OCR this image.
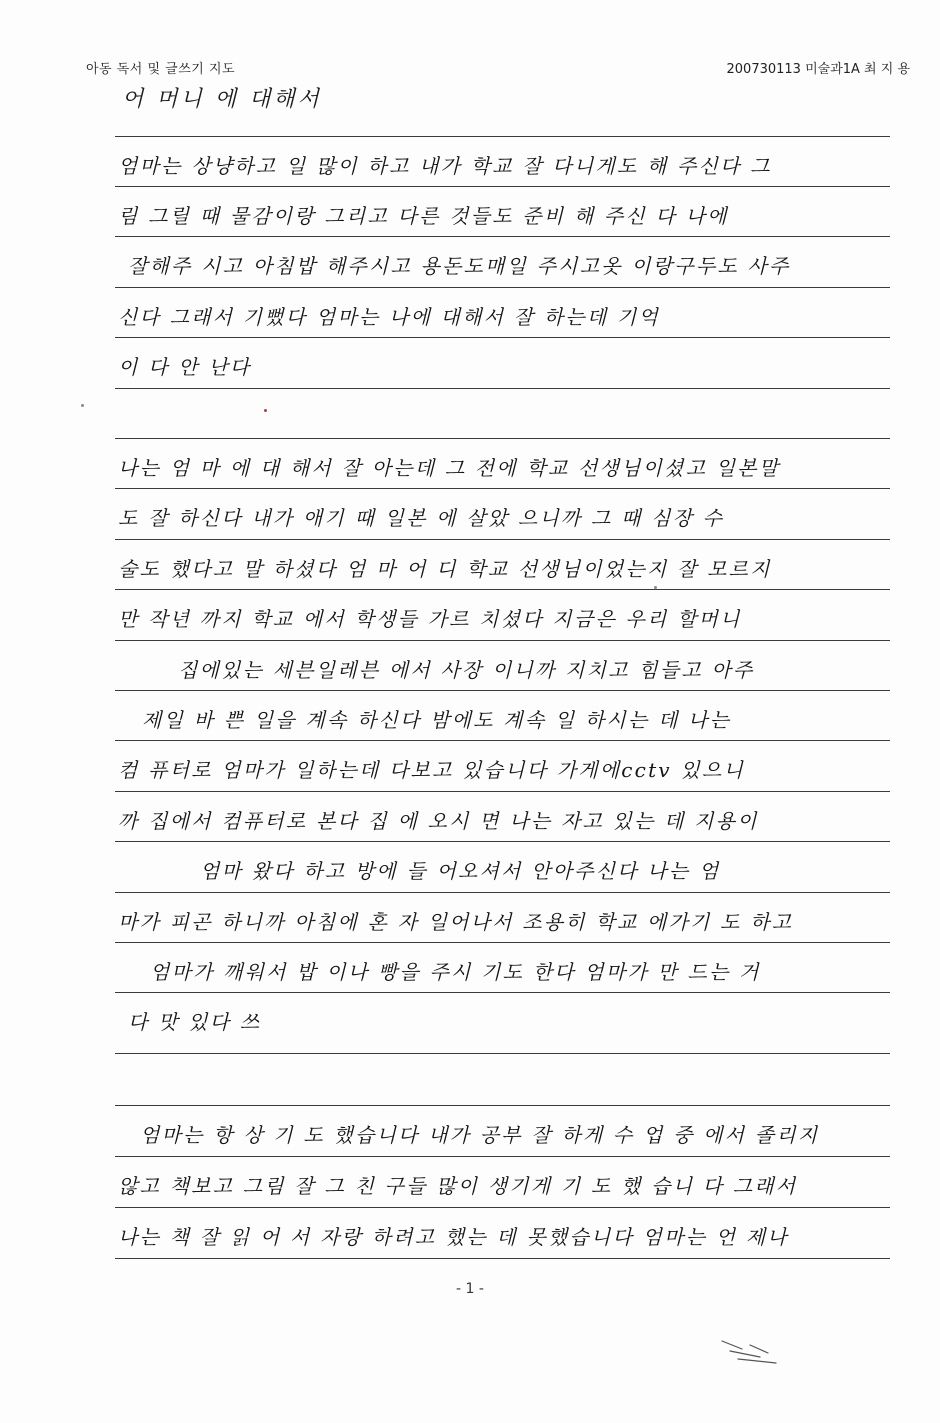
아동 독서 및 글쓰기 지도	200730113 미술과1A 최 지 용
어 머니 에 대해서
엄마는 상냥하고 일 많이 하고 내가 학교 잘 다니게도 해 주신다 그
림 그릴 때 물감이랑 그리고 다른 것들도 준비 해 주신 다 나에
잘해주 시고 아침밥 해주시고 용돈도매일 주시고옷 이랑구두도 사주
신다 그래서 기뻤다 엄마는 나에 대해서 잘 하는데 기억
이 다 안 난다
나는 엄 마 에 대 해서 잘 아는데 그 전에 학교 선생님이셨고 일본말
도 잘 하신다 내가 애기 때 일본 에 살았 으니까 그 때 심장 수
술도 했다고 말 하셨다 엄 마 어 디 학교 선생님이었는지 잘 모르지
만 작년 까지 학교 에서 학생들 가르 치셨다 지금은 우리 할머니
집에있는 세븐일레븐 에서 사장 이니까 지치고 힘들고 아주
제일 바 쁜 일을 계속 하신다 밤에도 계속 일 하시는 데 나는
컴 퓨터로 엄마가 일하는데 다보고 있습니다 가게에cctv 있으니
까 집에서 컴퓨터로 본다 집 에 오시 면 나는 자고 있는 데 지용이
엄마 왔다 하고 방에 들 어오셔서 안아주신다 나는 엄
마가 피곤 하니까 아침에 혼 자 일어나서 조용히 학교 에가기 도 하고
엄마가 깨워서 밥 이나 빵을 주시 기도 한다 엄마가 만 드는 거
다 맛 있다 쓰
엄마는 항 상 기 도 했습니다 내가 공부 잘 하게 수 업 중 에서 졸리지
않고 책보고 그림 잘 그 친 구들 많이 생기게 기 도 했 습니 다 그래서
나는 책 잘 읽 어 서 자랑 하려고 했는 데 못했습니다 엄마는 언 제나
- 1 -
